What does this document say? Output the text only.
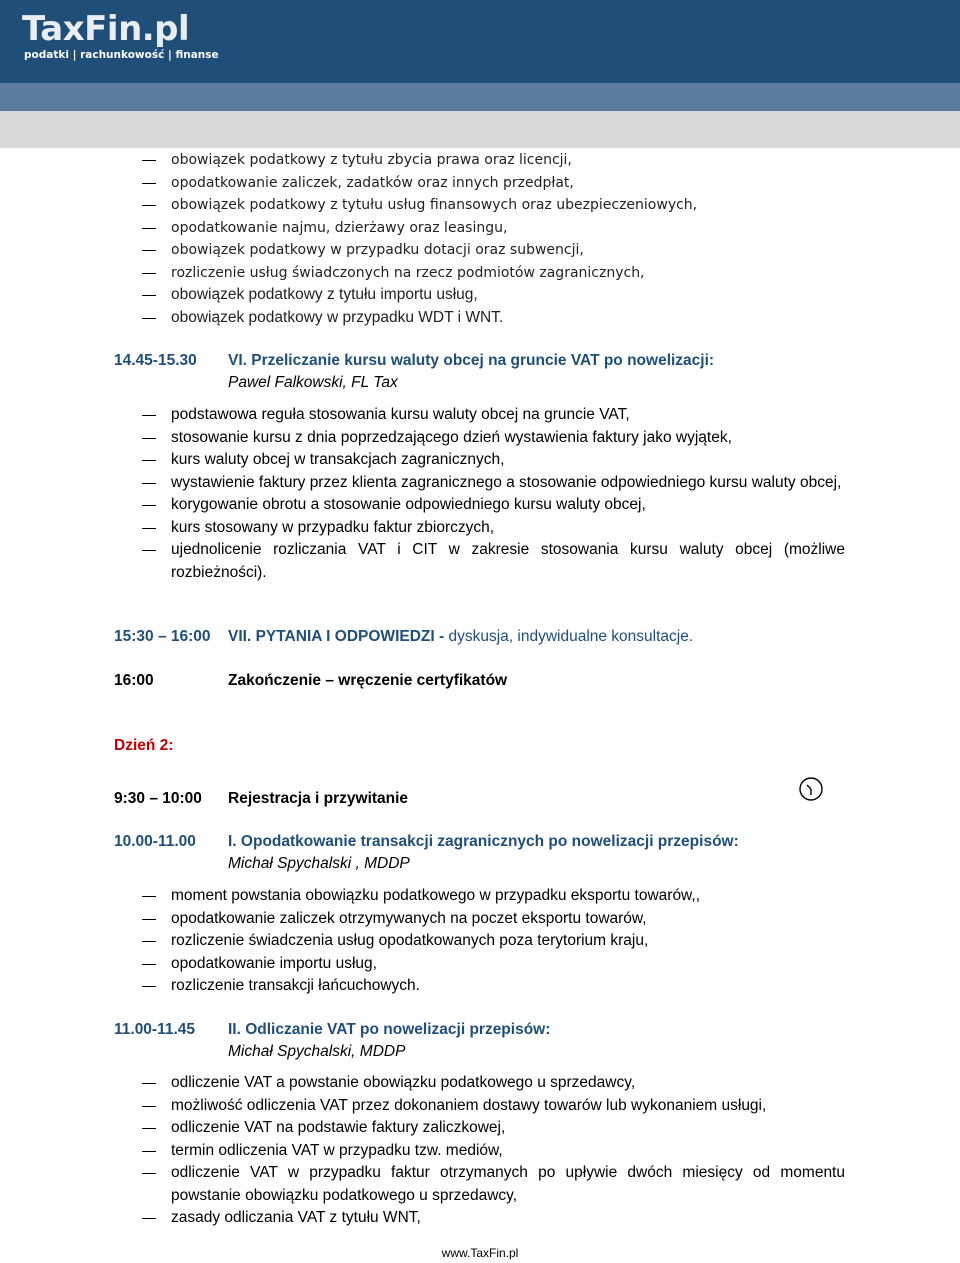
TaxFin.pl
podatki | rachunkowość | finanse
obowiązek podatkowy z tytułu zbycia prawa oraz licencji,
opodatkowanie zaliczek, zadatków oraz innych przedpłat,
obowiązek podatkowy z tytułu usług finansowych oraz ubezpieczeniowych,
opodatkowanie najmu, dzierżawy oraz leasingu,
obowiązek podatkowy w przypadku dotacji oraz subwencji,
rozliczenie usług świadczonych na rzecz podmiotów zagranicznych,
obowiązek podatkowy z tytułu importu usług,
obowiązek podatkowy w przypadku WDT i WNT.
14.45-15.30 VI. Przeliczanie kursu waluty obcej na gruncie VAT po nowelizacji:
Pawel Falkowski, FL Tax
podstawowa reguła stosowania kursu waluty obcej na gruncie VAT,
stosowanie kursu z dnia poprzedzającego dzień wystawienia faktury jako wyjątek,
kurs waluty obcej w transakcjach zagranicznych,
wystawienie faktury przez klienta zagranicznego a stosowanie odpowiedniego kursu waluty obcej,
korygowanie obrotu a stosowanie odpowiedniego kursu waluty obcej,
kurs stosowany w przypadku faktur zbiorczych,
ujednolicenie rozliczania VAT i CIT w zakresie stosowania kursu waluty obcej (możliwe rozbieżności).
15:30 – 16:00 VII. PYTANIA I ODPOWIEDZI - dyskusja, indywidualne konsultacje.
16:00	Zakończenie – wręczenie certyfikatów
Dzień 2:
9:30 – 10:00 Rejestracja i przywitanie
10.00-11.00 I. Opodatkowanie transakcji zagranicznych po nowelizacji przepisów:
Michał Spychalski , MDDP
moment powstania obowiązku podatkowego w przypadku eksportu towarów,,
opodatkowanie zaliczek otrzymywanych na poczet eksportu towarów,
rozliczenie świadczenia usług opodatkowanych poza terytorium kraju,
opodatkowanie importu usług,
rozliczenie transakcji łańcuchowych.
11.00-11.45 II. Odliczanie VAT po nowelizacji przepisów:
Michał Spychalski, MDDP
odliczenie VAT a powstanie obowiązku podatkowego u sprzedawcy,
możliwość odliczenia VAT przez dokonaniem dostawy towarów lub wykonaniem usługi,
odliczenie VAT na podstawie faktury zaliczkowej,
termin odliczenia VAT w przypadku tzw. mediów,
odliczenie VAT w przypadku faktur otrzymanych po upływie dwóch miesięcy od momentu powstanie obowiązku podatkowego u sprzedawcy,
zasady odliczania VAT z tytułu WNT,
www.TaxFin.pl
